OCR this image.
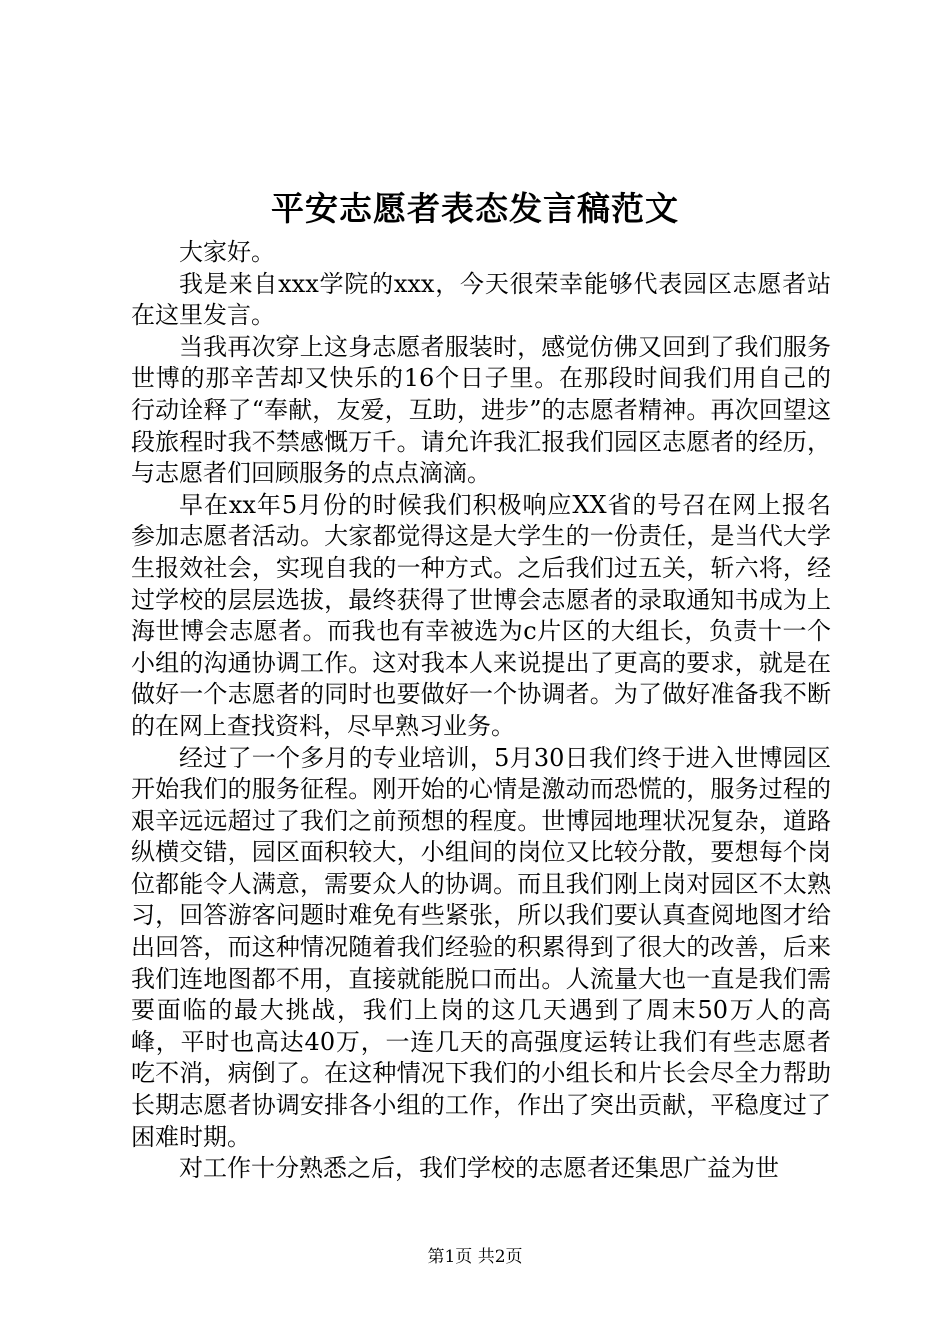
平安志愿者表态发言稿范文

大家好。

我是来自xxx学院的xxx，今天很荣幸能够代表园区志愿者站在这里发言。

当我再次穿上这身志愿者服装时，感觉仿佛又回到了我们服务世博的那辛苦却又快乐的16个日子里。在那段时间我们用自己的行动诠释了“奉献，友爱，互助，进步”的志愿者精神。再次回望这段旅程时我不禁感慨万千。请允许我汇报我们园区志愿者的经历，与志愿者们回顾服务的点点滴滴。

早在xx年5月份的时候我们积极响应XX省的号召在网上报名参加志愿者活动。大家都觉得这是大学生的一份责任，是当代大学生报效社会，实现自我的一种方式。之后我们过五关，斩六将，经过学校的层层选拔，最终获得了世博会志愿者的录取通知书成为上海世博会志愿者。而我也有幸被选为c片区的大组长，负责十一个小组的沟通协调工作。这对我本人来说提出了更高的要求，就是在做好一个志愿者的同时也要做好一个协调者。为了做好准备我不断的在网上查找资料，尽早熟习业务。

经过了一个多月的专业培训，5月30日我们终于进入世博园区开始我们的服务征程。刚开始的心情是激动而恐慌的，服务过程的艰辛远远超过了我们之前预想的程度。世博园地理状况复杂，道路纵横交错，园区面积较大，小组间的岗位又比较分散，要想每个岗位都能令人满意，需要众人的协调。而且我们刚上岗对园区不太熟习，回答游客问题时难免有些紧张，所以我们要认真查阅地图才给出回答，而这种情况随着我们经验的积累得到了很大的改善，后来我们连地图都不用，直接就能脱口而出。人流量大也一直是我们需要面临的最大挑战，我们上岗的这几天遇到了周末50万人的高峰，平时也高达40万，一连几天的高强度运转让我们有些志愿者吃不消，病倒了。在这种情况下我们的小组长和片长会尽全力帮助长期志愿者协调安排各小组的工作，作出了突出贡献，平稳度过了困难时期。

对工作十分熟悉之后，我们学校的志愿者还集思广益为世

第1页 共2页
